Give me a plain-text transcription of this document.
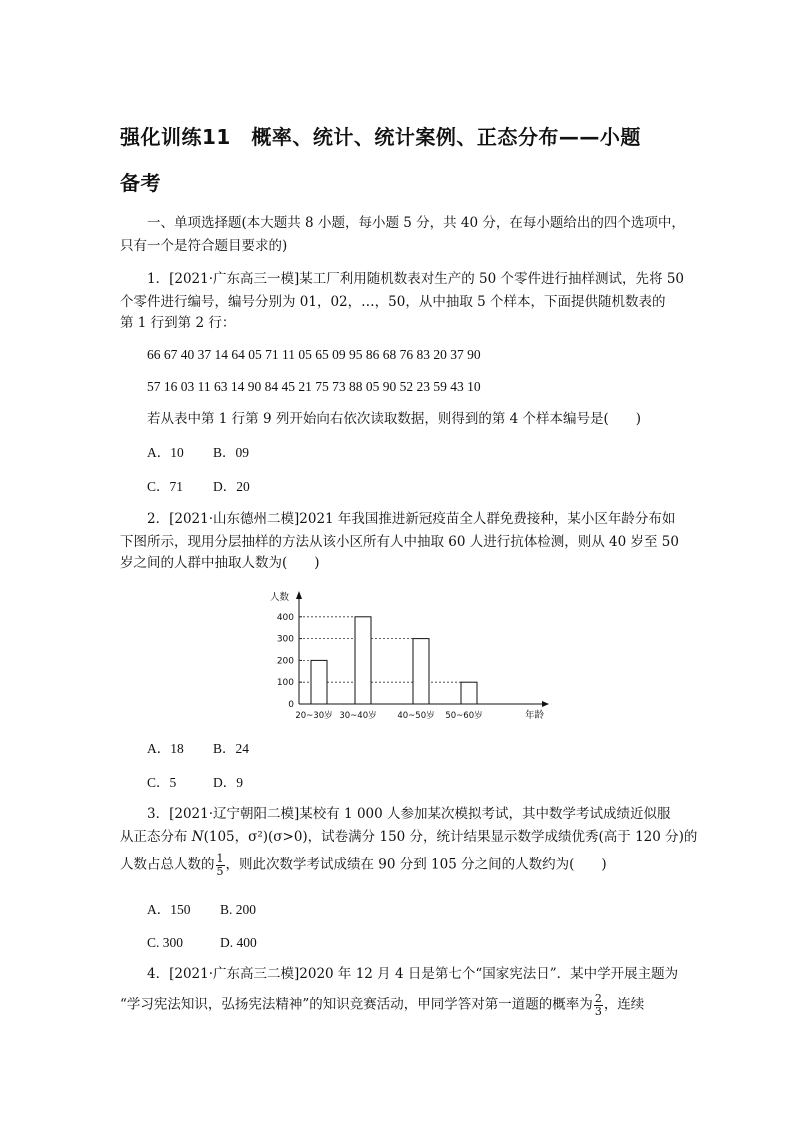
强化训练11　概率、统计、统计案例、正态分布——小题
备考
一、单项选择题(本大题共 8 小题，每小题 5 分，共 40 分，在每小题给出的四个选项中，
只有一个是符合题目要求的)
1．[2021·广东高三一模]某工厂利用随机数表对生产的 50 个零件进行抽样测试，先将 50
个零件进行编号，编号分别为 01，02，…，50，从中抽取 5 个样本，下面提供随机数表的
第 1 行到第 2 行：
66 67 40 37 14 64 05 71 11 05 65 09 95 86 68 76 83 20 37 90
57 16 03 11 63 14 90 84 45 21 75 73 88 05 90 52 23 59 43 10
若从表中第 1 行第 9 列开始向右依次读取数据，则得到的第 4 个样本编号是(　　)
A．10 B．09
C．71 D．20
2．[2021·山东德州二模]2021 年我国推进新冠疫苗全人群免费接种，某小区年龄分布如
下图所示，现用分层抽样的方法从该小区所有人中抽取 60 人进行抗体检测，则从 40 岁至 50
岁之间的人群中抽取人数为(　　)
0
100
200
300
400
人数
年龄
20~30岁 30~40岁 40~50岁 50~60岁
A．18 B．24
C．5	D．9
3．[2021·辽宁朝阳二模]某校有 1 000 人参加某次模拟考试，其中数学考试成绩近似服
从正态分布 N(105，σ²)(σ>0)，试卷满分 150 分，统计结果显示数学成绩优秀(高于 120 分)的
人数占总人数的 $\frac{1}{5}$ ，则此次数学考试成绩在 90 分到 105 分之间的人数约为(　　)
A．150 B. 200
C. 300	D. 400
4．[2021·广东高三二模]2020 年 12 月 4 日是第七个“国家宪法日”．某中学开展主题为
“学习宪法知识，弘扬宪法精神”的知识竞赛活动，甲同学答对第一道题的概率为 $\frac{2}{3}$ ，连续
